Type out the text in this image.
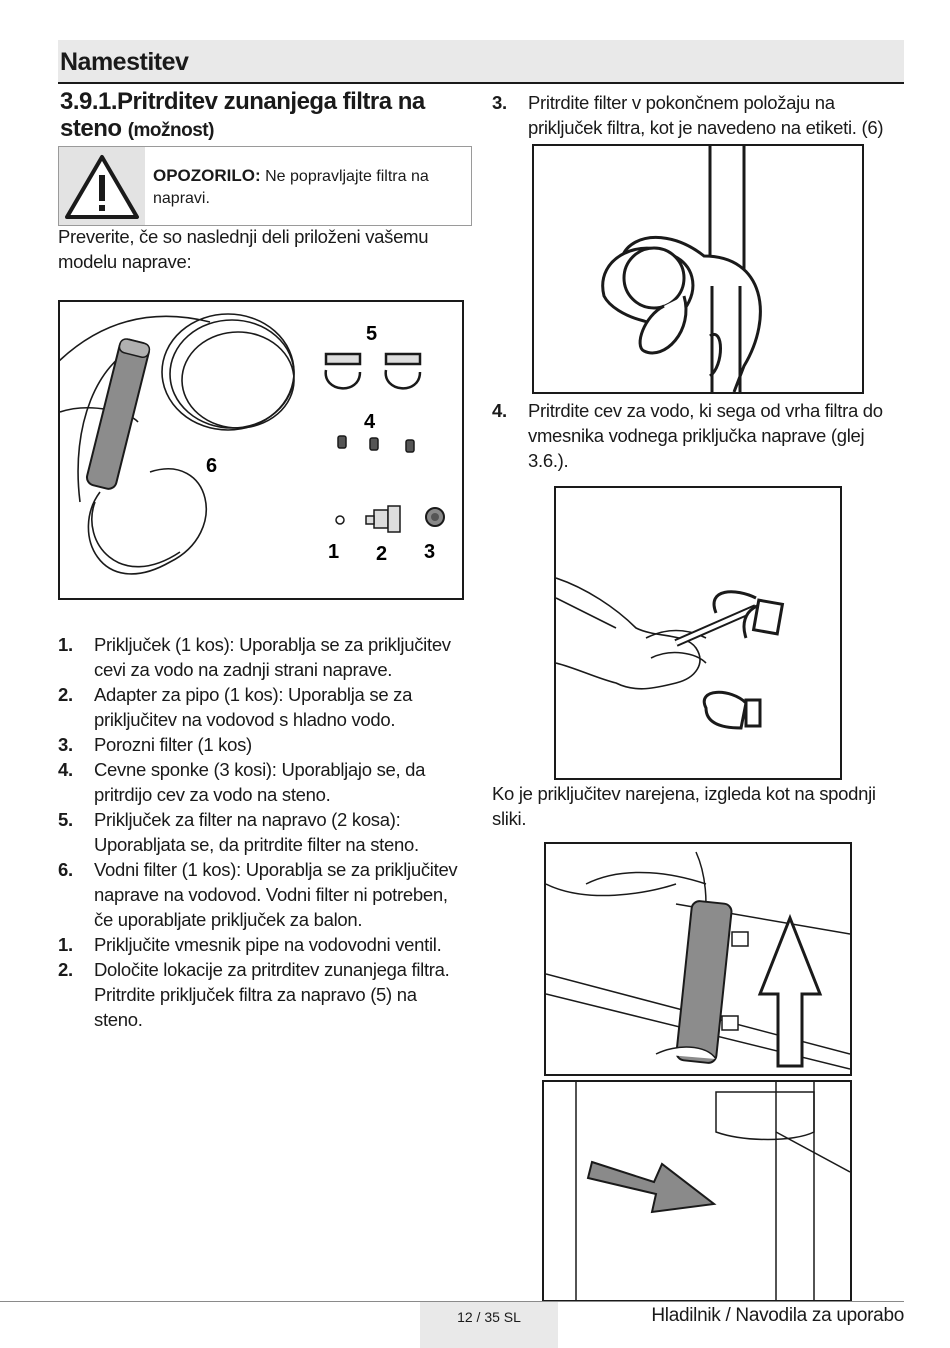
Namestitev
3.9.1.Pritrditev zunanjega filtra na steno (možnost)
OPOZORILO: Ne popravljajte filtra na napravi.
Preverite, če so naslednji deli priloženi vašemu modelu naprave:
6
5
4
1 2 3
1. Priključek (1 kos): Uporablja se za priključitev cevi za vodo na zadnji strani naprave.
2. Adapter za pipo (1 kos): Uporablja se za priključitev na vodovod s hladno vodo.
3. Porozni filter (1 kos)
4. Cevne sponke (3 kosi): Uporabljajo se, da pritrdijo cev za vodo na steno.
5. Priključek za filter na napravo (2 kosa): Uporabljata se, da pritrdite filter na steno.
6. Vodni filter (1 kos): Uporablja se za priključitev naprave na vodovod. Vodni filter ni potreben, če uporabljate priključek za balon.
1. Priključite vmesnik pipe na vodovodni ventil.
2. Določite lokacije za pritrditev zunanjega filtra. Pritrdite priključek filtra za napravo (5) na steno.
3. Pritrdite filter v pokončnem položaju na priključek filtra, kot je navedeno na etiketi. (6)
4. Pritrdite cev za vodo, ki sega od vrha filtra do vmesnika vodnega priključka naprave (glej 3.6.).
Ko je priključitev narejena, izgleda kot na spodnji sliki.
12 / 35 SL	Hladilnik / Navodila za uporabo
